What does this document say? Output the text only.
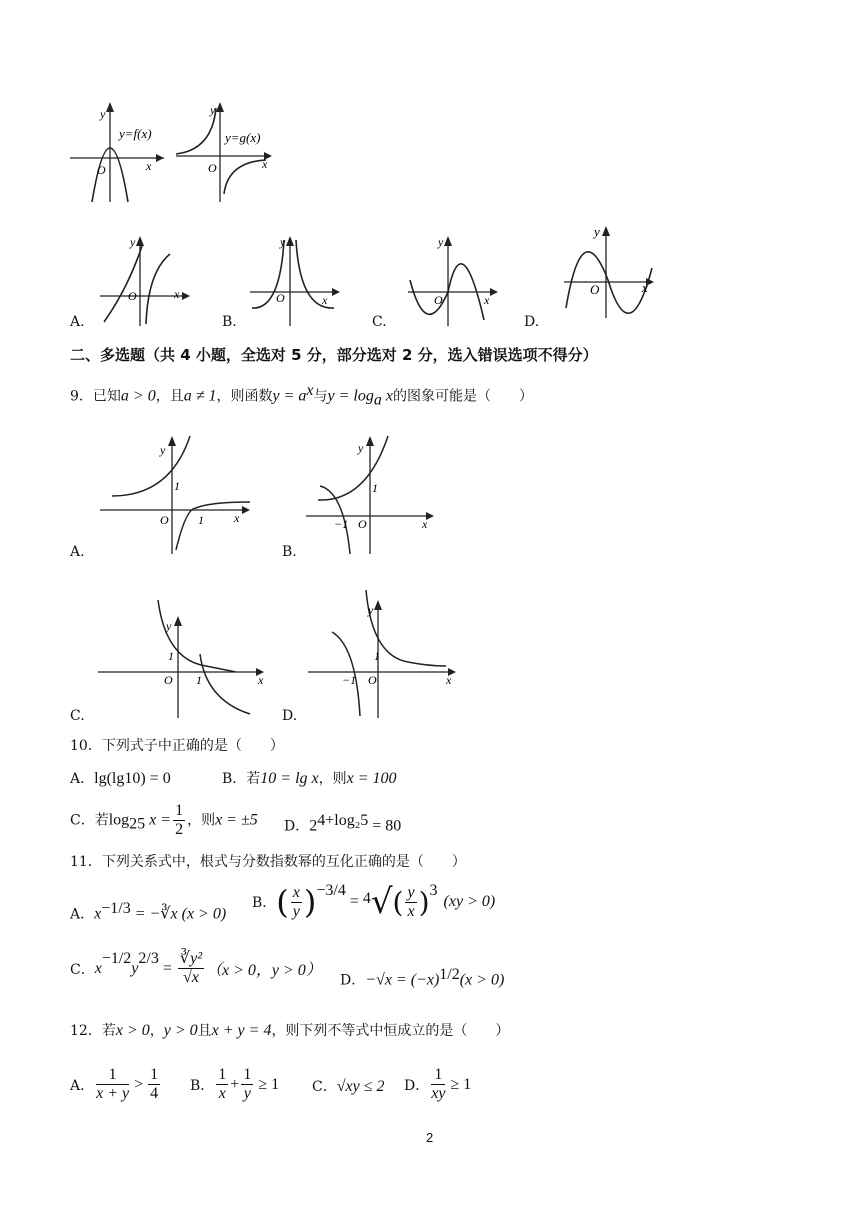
y
y=f(x)
x
O
y
y=g(x)
x
O
y
x
O
y
x
O
y
x
O
y
x
O
A.	B.	C.	D.
二、多选题（共 4 小题，全选对 5 分，部分选对 2 分，选入错误选项不得分）
9．已知a > 0，且a ≠ 1，则函数$y = a^x$与$y = \log_a x$的图象可能是（　　）
y
1
O 1	x
y
1
−1 O	x
y
1
O 1	x
y
1
−1 O	x
A.	B.
C.	D.
10．下列式子中正确的是（　　）
A．lg(lg10) = 0	B．若10 = lg x，则x = 100
C．若$\log_{25} x = \frac{1}{2}$ ，则x = ±5 D．$2^{4+log_25} = 80$
11．下列关系式中，根式与分数指数幂的互化正确的是（　　）
A．$x^{-1/3}$ = −∛x (x > 0)
B． ( $\frac{x}{y}$ ) −3/4
= 4 √ ( $\frac{y}{x}$ ) 3
(xy > 0)
C． x
−1/2
y
2/3
= $\frac{\text{∛y²}}{√x} (x > 0$，y > 0）
D．$-√x = (-x)^{1/2}(x > 0)$
12．若x > 0，y > 0且x + y = 4，则下列不等式中恒成立的是（　　）
A． $\frac{1}{x + y} > \frac{1}{4}$ B． $\frac{1}{x} + \frac{1}{y} \ge 1$ C．√xy ≤ 2 D． $\frac{1}{xy} \ge 1$
2
